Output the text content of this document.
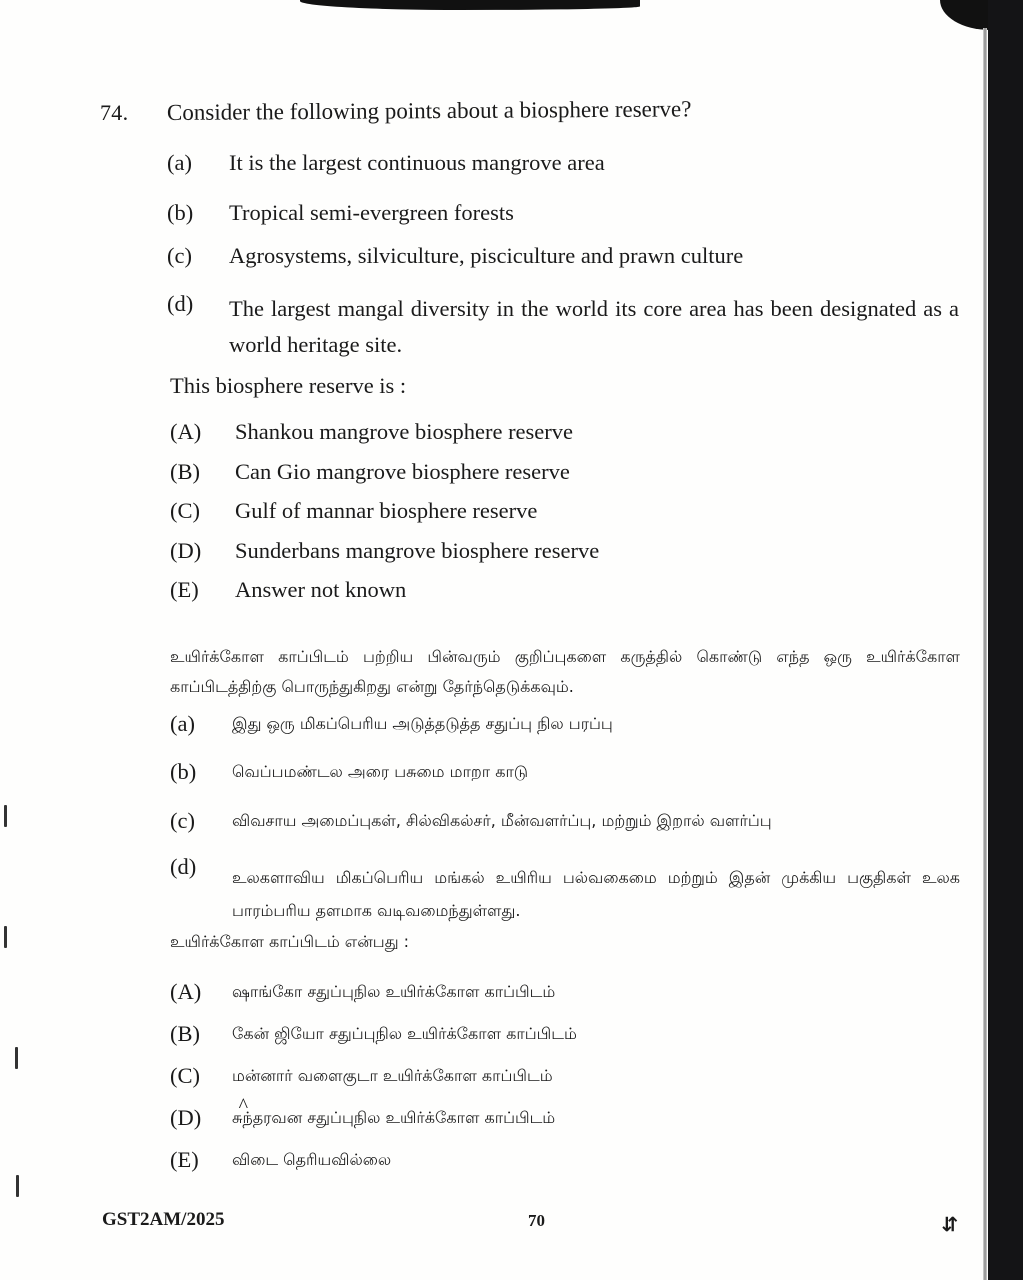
74. Consider the following points about a biosphere reserve?
(a) It is the largest continuous mangrove area
(b) Tropical semi-evergreen forests
(c) Agrosystems, silviculture, pisciculture and prawn culture
(d) The largest mangal diversity in the world its core area has been designated as a world heritage site.
This biosphere reserve is :
(A) Shankou mangrove biosphere reserve
(B) Can Gio mangrove biosphere reserve
(C) Gulf of mannar biosphere reserve
(D) Sunderbans mangrove biosphere reserve
(E) Answer not known
உயிர்க்கோள காப்பிடம் பற்றிய பின்வரும் குறிப்புகளை கருத்தில் கொண்டு எந்த ஒரு உயிர்க்கோள காப்பிடத்திற்கு பொருந்துகிறது என்று தேர்ந்தெடுக்கவும்.
(a) இது ஒரு மிகப்பெரிய அடுத்தடுத்த சதுப்பு நில பரப்பு
(b) வெப்பமண்டல அரை பசுமை மாறா காடு
(c) விவசாய அமைப்புகள், சில்விகல்சர், மீன்வளர்ப்பு, மற்றும் இறால் வளர்ப்பு
(d) உலகளாவிய மிகப்பெரிய மங்கல் உயிரிய பல்வகைமை மற்றும் இதன் முக்கிய பகுதிகள் உலக பாரம்பரிய தளமாக வடிவமைந்துள்ளது.
உயிர்க்கோள காப்பிடம் என்பது :
(A) ஷாங்கோ சதுப்புநில உயிர்க்கோள காப்பிடம்
(B) கேன் ஜியோ சதுப்புநில உயிர்க்கோள காப்பிடம்
(C) மன்னார் வளைகுடா உயிர்க்கோள காப்பிடம்
(D) ^ சுந்தரவன சதுப்புநில உயிர்க்கோள காப்பிடம்
(E) விடை தெரியவில்லை
GST2AM/2025	70	⇆
